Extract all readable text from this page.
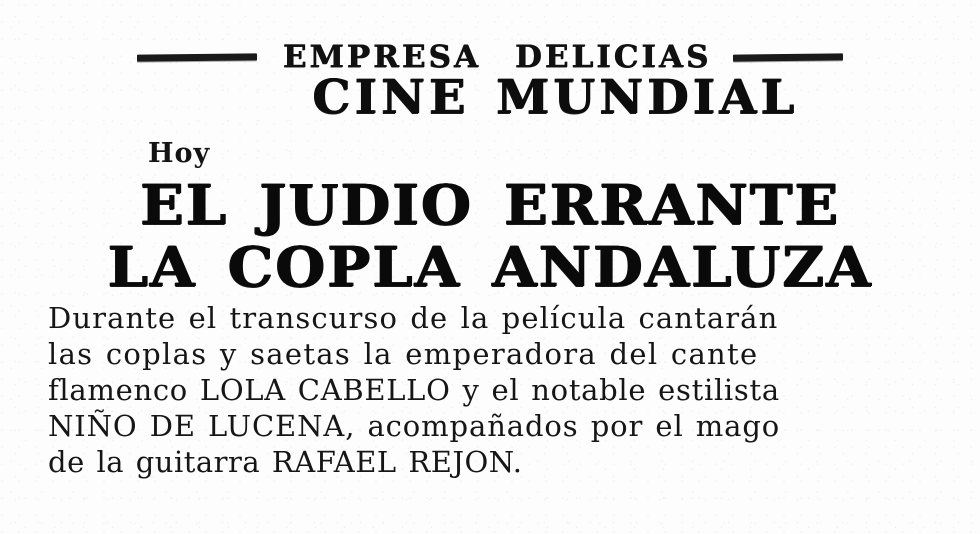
EMPRESA DELICIAS
CINE MUNDIAL
Hoy
EL JUDIO ERRANTE
LA COPLA ANDALUZA
Durante el transcurso de la película cantarán
las coplas y saetas la emperadora del cante
flamenco LOLA CABELLO y el notable estilista
NIÑO DE LUCENA, acompañados por el mago
de la guitarra RAFAEL REJON.
